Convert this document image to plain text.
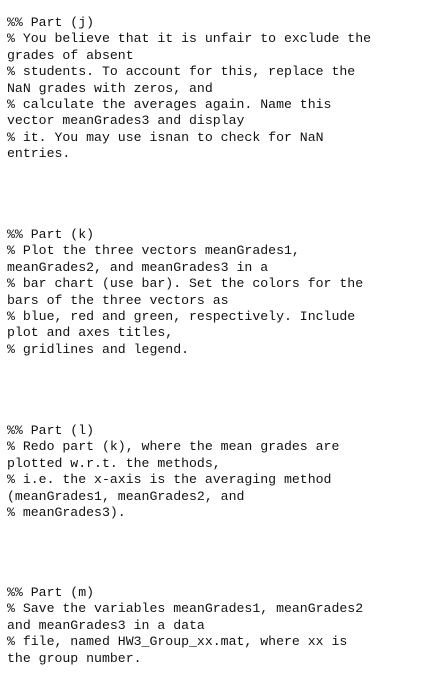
%% Part (j)
% You believe that it is unfair to exclude the
grades of absent
% students. To account for this, replace the
NaN grades with zeros, and
% calculate the averages again. Name this
vector meanGrades3 and display
% it. You may use isnan to check for NaN
entries.
%% Part (k)
% Plot the three vectors meanGrades1,
meanGrades2, and meanGrades3 in a
% bar chart (use bar). Set the colors for the
bars of the three vectors as
% blue, red and green, respectively. Include
plot and axes titles,
% gridlines and legend.
%% Part (l)
% Redo part (k), where the mean grades are
plotted w.r.t. the methods,
% i.e. the x-axis is the averaging method
(meanGrades1, meanGrades2, and
% meanGrades3).
%% Part (m)
% Save the variables meanGrades1, meanGrades2
and meanGrades3 in a data
% file, named HW3_Group_xx.mat, where xx is
the group number.
